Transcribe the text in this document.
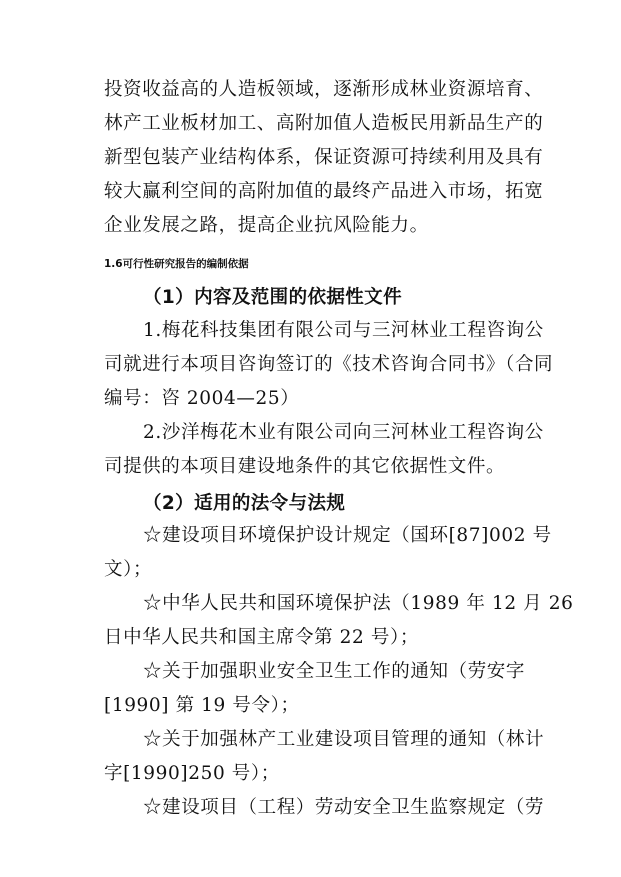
投资收益高的人造板领域，逐渐形成林业资源培育、
林产工业板材加工、高附加值人造板民用新品生产的
新型包装产业结构体系，保证资源可持续利用及具有
较大赢利空间的高附加值的最终产品进入市场，拓宽
企业发展之路，提高企业抗风险能力。
1.6可行性研究报告的编制依据
（1）内容及范围的依据性文件
1.梅花科技集团有限公司与三河林业工程咨询公
司就进行本项目咨询签订的《技术咨询合同书》（合同
编号：咨 2004—25）
2.沙洋梅花木业有限公司向三河林业工程咨询公
司提供的本项目建设地条件的其它依据性文件。
（2）适用的法令与法规
☆建设项目环境保护设计规定（国环[87]002 号
文）；
☆中华人民共和国环境保护法（1989 年 12 月 26
日中华人民共和国主席令第 22 号）；
☆关于加强职业安全卫生工作的通知（劳安字
[1990] 第 19 号令）；
☆关于加强林产工业建设项目管理的通知（林计
字[1990]250 号）；
☆建设项目（工程）劳动安全卫生监察规定（劳
